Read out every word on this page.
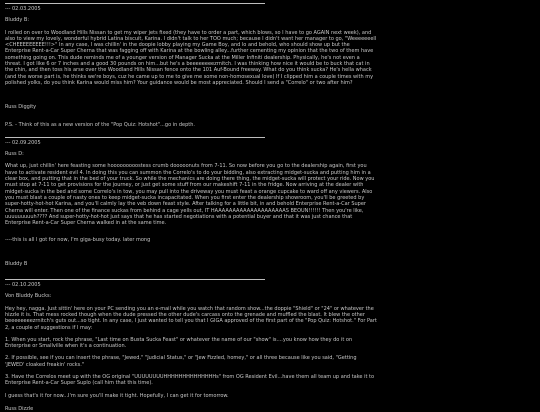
--- 02.03.2005
Bluddy B:
I rolled on over to Woodland Hills Nissan to get my wiper jets fixed (they have to order a part, which blows, so I have to go AGAIN next week), and also to view my lovely, wonderful hybrid Latina biscuit, Karina. I didn't talk to her TOO much; because I didn't want her manager to go, "Weeeeeeell <CHEEEEEEEEE!!!>" In any case, I was chillin' in the doopie lobby playing my Game Boy, and lo and behold, who should show up but the Enterprise Rent-a-Car Super Cherna that was fagging off with Karina at the bowling alley...further cementing my opinion that the two of them have something going on. This dude reminds me of a younger version of Manager Sucka at the Miller Infiniti dealership. Physically, he's not even a threat. I got like 6 or 7 inches and a good 30 pounds on him...but he's a beeeeeeeezrnitch. I was thinking how nice it would be to buck that cat in the chin, and then toss his arse over the Woodland Hills Nissan fence onto the 101 Auf-Bound freeway. What do you think sucka? He's hella whack (and the worse part is, he thinks we're boys, cuz he came up to me to give me some non-homosexual love) If I clipped him a couple times with my polished yolks, do you think Karina would miss him? Your guidance would be most appreciated. Should I send a "Correlo" or two after him?
Russ Diggity
P.S. - Think of this as a new version of the "Pop Quiz: Hotshot"...go in depth.
--- 02.09.2005
Russ D:
What up, just chillin' here feasting some hooooooooostess crumb dooooonuts from 7-11. So now before you go to the dealership again, first you have to activate resident evil 4. In doing this you can summon the Correlo's to do your bidding, also extracting midget-sucka and putting him in a clear box, and putting that in the bed of your truck. So while the mechanics are doing there thing, the midget-sucka will protect your ride. Now you must stop at 7-11 to get provisions for the journey, or just get some stuff from our makeshift 7-11 in the fridge. Now arriving at the dealer with midget-sucka in the bed and some Correlo's in tow, you may pull into the driveway you must feast a orange cupcake to ward off any viewers. Also you must blast a couple of nasty ones to keep midget-sucka incapacitated. When you first enter the dealership showroom, you'll be greeted by super-hotty-hot-hot Karina, and you'll calmly lay the veb down feast style. After talking for a little bit, in and behold Enterprise Rent-a-Car Super Cherna will enter. Then one of the finance suckas from behind a cage yells out, IT HAAAAAAAAAAAAAAAAAAAAS BEOUN!!!!!! Then you're like, uuuuuuuuuh???? And super-hotty-hot-hot just says that he has started negotiations with a potential buyer and that it was just chance that Enterprise Rent-a-Car Super Cherna walked in at the same time.
----this is all I got for now, I'm giga-busy today. later mong
Bluddy B
--- 02.10.2005
Von Bluddy Bucks:
Hey hey, nagga. Just sittin' here on your PC sending you an e-mail while you watch that random show...the doppie "Shield" or "24" or whatever the hizzle it is. That mess rocked though when the dude pressed the other dude's carcass onto the grenade and muffled the blast. It blew the other beeeeeeeezrnitch's guts out...so tight. In any case, I just wanted to tell you that I GIGA approved of the first part of the "Pop Quiz: Hotshot." For Part 2, a couple of suggestions if I may:
1. When you start, rock the phrase, "Last time on Busta Sucka Feast" or whatever the name of our "show" is....you know how they do it on Enterprise or Smallville when it's a continuation.
2. If possible, see if you can insert the phrase, "Jewed," "Judicial Status," or "Jew Fizzled, homey," or all three because like you said, "Getting 'JEWED' cloaked freakin' rocks."
3. Have the Correlos meet up with the OG original "UUUUUUUUHHHHHHHHHHHHHHs" from OG Resident Evil...have them all team up and take it to Enterprise Rent-a-Car Super Suplo (call him that this time).
I guess that's it for now...I'm sure you'll make it tight. Hopefully, I can get it for tomorrow.
Russ Dizzle
